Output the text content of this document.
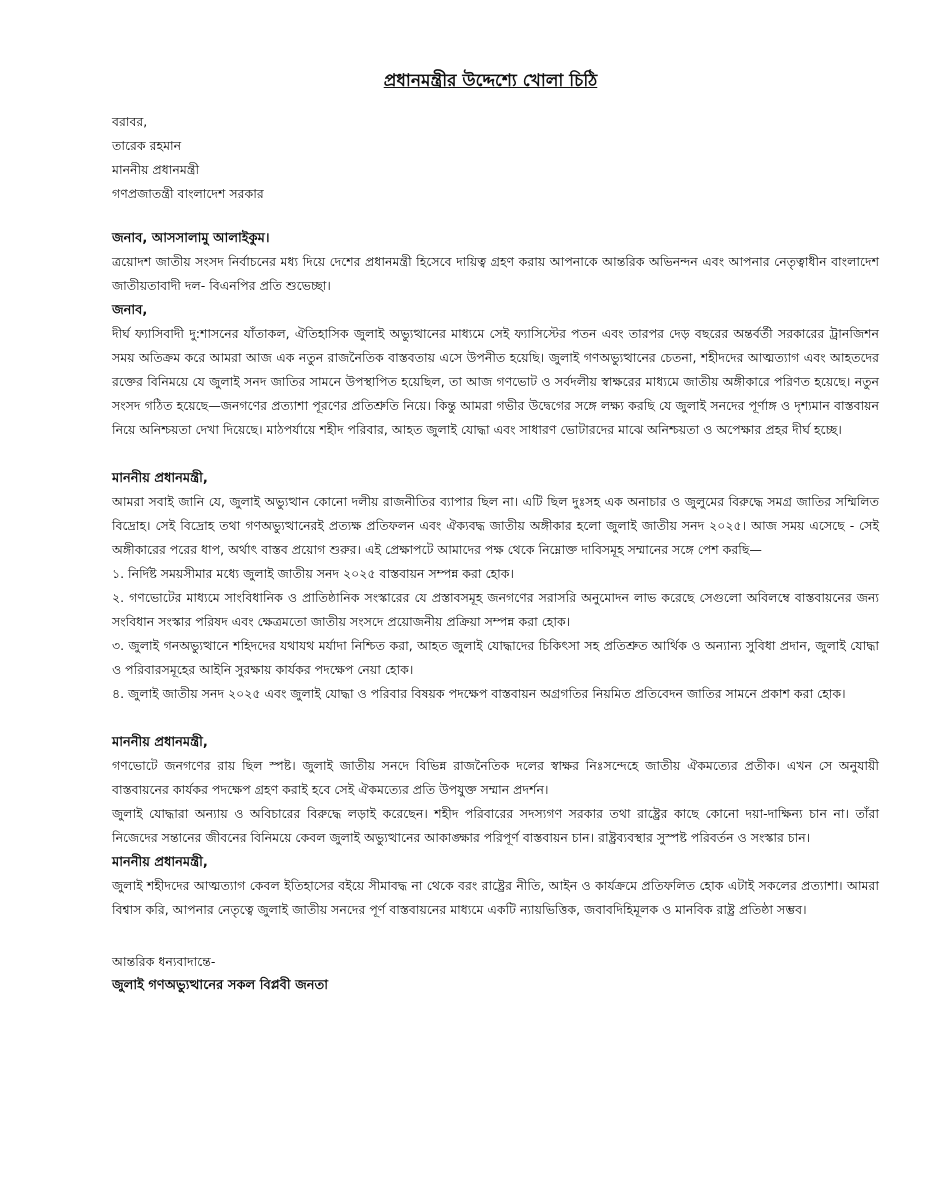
প্রধানমন্ত্রীর উদ্দেশ্যে খোলা চিঠি

বরাবর,

তারেক রহমান

মাননীয় প্রধানমন্ত্রী

গণপ্রজাতন্ত্রী বাংলাদেশ সরকার

জনাব, আসসালামু আলাইকুম।

ত্রয়োদশ জাতীয় সংসদ নির্বাচনের মধ্য দিয়ে দেশের প্রধানমন্ত্রী হিসেবে দায়িত্ব গ্রহণ করায় আপনাকে আন্তরিক অভিনন্দন এবং আপনার নেতৃত্বাধীন বাংলাদেশ জাতীয়তাবাদী দল- বিএনপির প্রতি শুভেচ্ছা।

জনাব,

দীর্ঘ ফ্যাসিবাদী দু:শাসনের যাঁতাকল, ঐতিহাসিক জুলাই অভ্যুত্থানের মাধ্যমে সেই ফ্যাসিস্টের পতন এবং তারপর দেড় বছরের অন্তর্বর্তী সরকারের ট্রানজিশন সময় অতিক্রম করে আমরা আজ এক নতুন রাজনৈতিক বাস্তবতায় এসে উপনীত হয়েছি। জুলাই গণঅভ্যুত্থানের চেতনা, শহীদদের আত্মত্যাগ এবং আহতদের রক্তের বিনিময়ে যে জুলাই সনদ জাতির সামনে উপস্থাপিত হয়েছিল, তা আজ গণভোট ও সর্বদলীয় স্বাক্ষরের মাধ্যমে জাতীয় অঙ্গীকারে পরিণত হয়েছে। নতুন সংসদ গঠিত হয়েছে—জনগণের প্রত্যাশা পূরণের প্রতিশ্রুতি নিয়ে। কিন্তু আমরা গভীর উদ্বেগের সঙ্গে লক্ষ্য করছি যে জুলাই সনদের পূর্ণাঙ্গ ও দৃশ্যমান বাস্তবায়ন নিয়ে অনিশ্চয়তা দেখা দিয়েছে। মাঠপর্যায়ে শহীদ পরিবার, আহত জুলাই যোদ্ধা এবং সাধারণ ভোটারদের মাঝে অনিশ্চয়তা ও অপেক্ষার প্রহর দীর্ঘ হচ্ছে।

মাননীয় প্রধানমন্ত্রী,

আমরা সবাই জানি যে, জুলাই অভ্যুত্থান কোনো দলীয় রাজনীতির ব্যাপার ছিল না। এটি ছিল দুঃসহ এক অনাচার ও জুলুমের বিরুদ্ধে সমগ্র জাতির সম্মিলিত বিদ্রোহ। সেই বিদ্রোহ তথা গণঅভ্যুত্থানেরই প্রত্যক্ষ প্রতিফলন এবং ঐক্যবদ্ধ জাতীয় অঙ্গীকার হলো জুলাই জাতীয় সনদ ২০২৫। আজ সময় এসেছে - সেই অঙ্গীকারের পরের ধাপ, অর্থাৎ বাস্তব প্রয়োগ শুরুর। এই প্রেক্ষাপটে আমাদের পক্ষ থেকে নিম্নোক্ত দাবিসমূহ সম্মানের সঙ্গে পেশ করছি—

১. নির্দিষ্ট সময়সীমার মধ্যে জুলাই জাতীয় সনদ ২০২৫ বাস্তবায়ন সম্পন্ন করা হোক।

২. গণভোটের মাধ্যমে সাংবিধানিক ও প্রাতিষ্ঠানিক সংস্কারের যে প্রস্তাবসমূহ জনগণের সরাসরি অনুমোদন লাভ করেছে সেগুলো অবিলম্বে বাস্তবায়নের জন্য সংবিধান সংস্কার পরিষদ এবং ক্ষেত্রমতো জাতীয় সংসদে প্রয়োজনীয় প্রক্রিয়া সম্পন্ন করা হোক।

৩. জুলাই গনঅভ্যুত্থানে শহিদদের যথাযথ মর্যাদা নিশ্চিত করা, আহত জুলাই যোদ্ধাদের চিকিৎসা সহ প্রতিশ্রুত আর্থিক ও অন্যান্য সুবিধা প্রদান, জুলাই যোদ্ধা ও পরিবারসমূহের আইনি সুরক্ষায় কার্যকর পদক্ষেপ নেয়া হোক।

৪. জুলাই জাতীয় সনদ ২০২৫ এবং জুলাই যোদ্ধা ও পরিবার বিষয়ক পদক্ষেপ বাস্তবায়ন অগ্রগতির নিয়মিত প্রতিবেদন জাতির সামনে প্রকাশ করা হোক।

মাননীয় প্রধানমন্ত্রী,

গণভোটে জনগণের রায় ছিল স্পষ্ট। জুলাই জাতীয় সনদে বিভিন্ন রাজনৈতিক দলের স্বাক্ষর নিঃসন্দেহে জাতীয় ঐকমত্যের প্রতীক। এখন সে অনুযায়ী বাস্তবায়নের কার্যকর পদক্ষেপ গ্রহণ করাই হবে সেই ঐকমত্যের প্রতি উপযুক্ত সম্মান প্রদর্শন।

জুলাই যোদ্ধারা অন্যায় ও অবিচারের বিরুদ্ধে লড়াই করেছেন। শহীদ পরিবারের সদস্যগণ সরকার তথা রাষ্ট্রের কাছে কোনো দয়া-দাক্ষিন্য চান না। তাঁরা নিজেদের সন্তানের জীবনের বিনিময়ে কেবল জুলাই অভ্যুত্থানের আকাঙ্ক্ষার পরিপূর্ণ বাস্তবায়ন চান। রাষ্ট্রব্যবস্থার সুস্পষ্ট পরিবর্তন ও সংস্কার চান।

মাননীয় প্রধানমন্ত্রী,

জুলাই শহীদদের আত্মত্যাগ কেবল ইতিহাসের বইয়ে সীমাবদ্ধ না থেকে বরং রাষ্ট্রের নীতি, আইন ও কার্যক্রমে প্রতিফলিত হোক এটাই সকলের প্রত্যাশা। আমরা বিশ্বাস করি, আপনার নেতৃত্বে জুলাই জাতীয় সনদের পূর্ণ বাস্তবায়নের মাধ্যমে একটি ন্যায়ভিত্তিক, জবাবদিহিমূলক ও মানবিক রাষ্ট্র প্রতিষ্ঠা সম্ভব।

আন্তরিক ধন্যবাদান্তে-

জুলাই গণঅভ্যুত্থানের সকল বিপ্লবী জনতা
